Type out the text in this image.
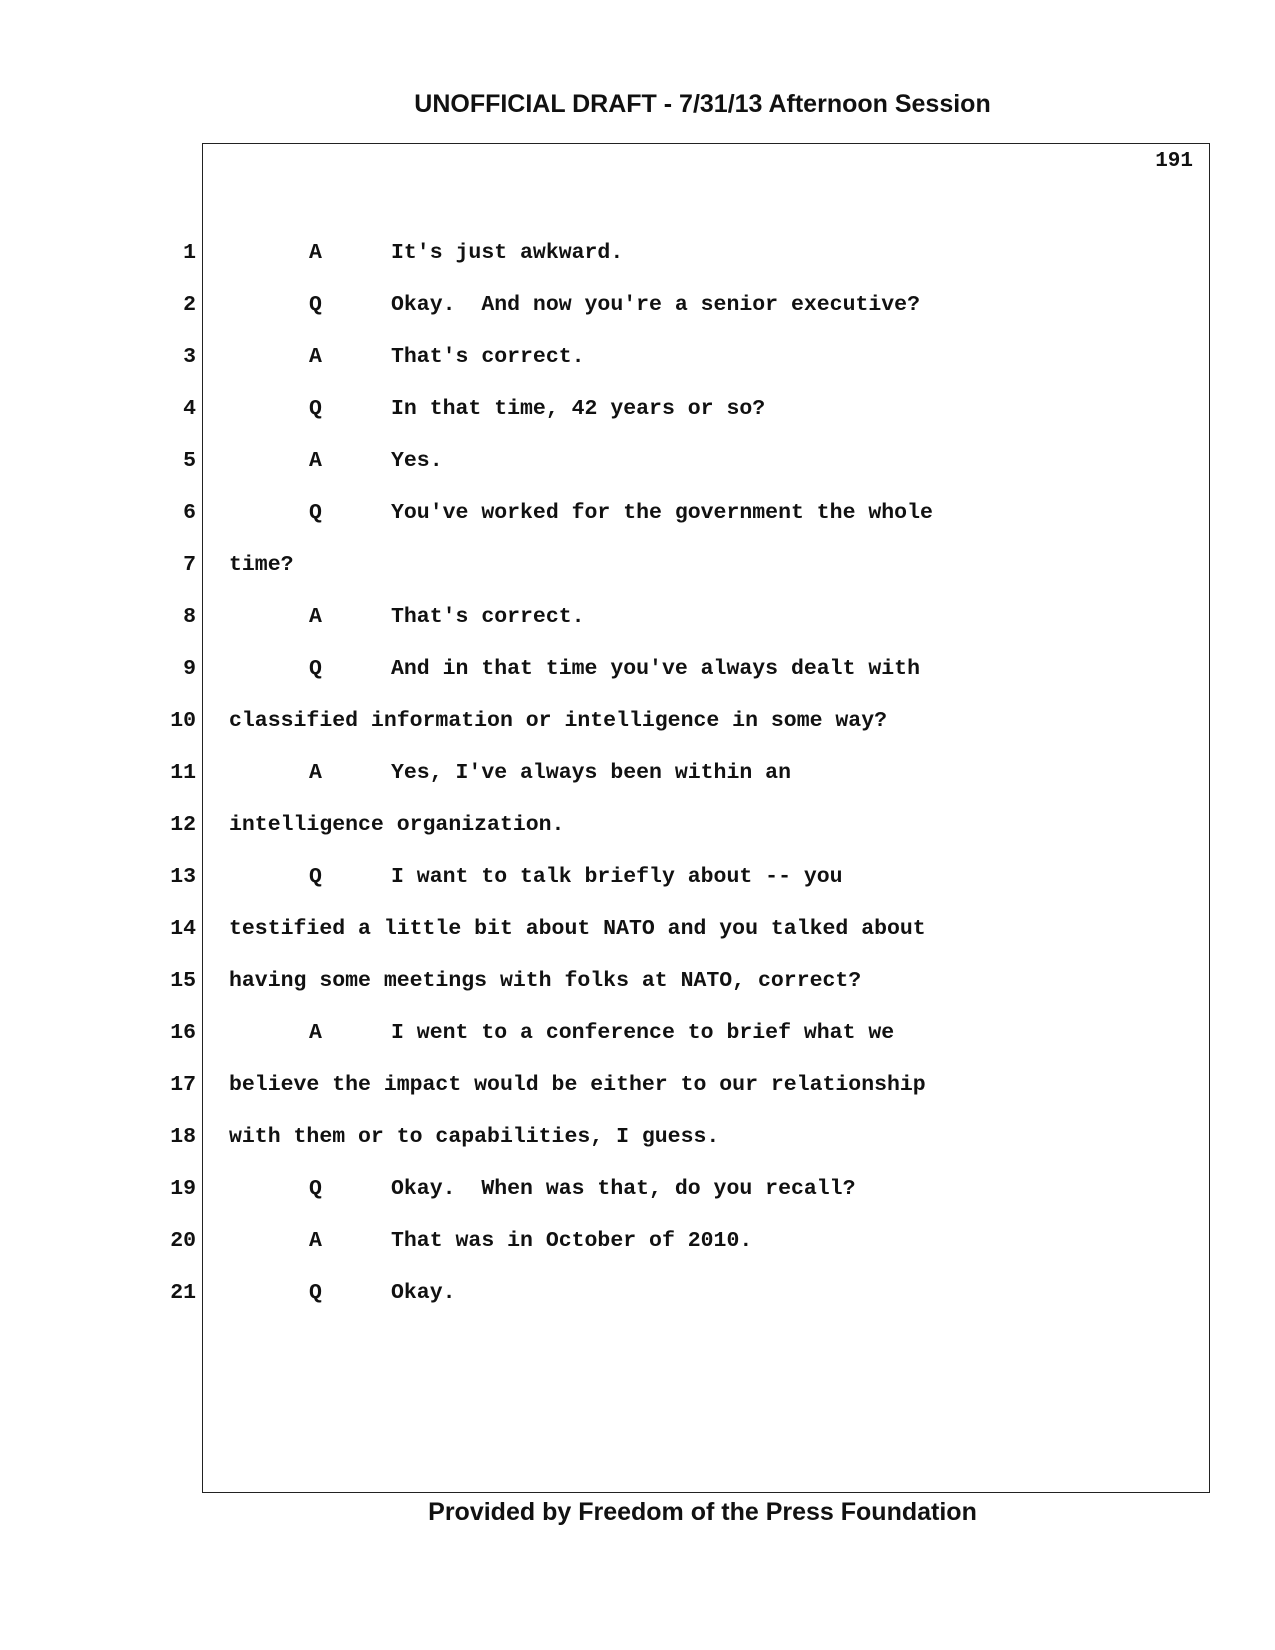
UNOFFICIAL DRAFT - 7/31/13 Afternoon Session
191

1

	A

	It's just awkward.

2

	Q

	Okay.  And now you're a senior executive?

3

	A

	That's correct.

4

	Q

	In that time, 42 years or so?

5

	A

	Yes.

6

	Q

	You've worked for the government the whole

7

time?

8

	A

	That's correct.

9

	Q

	And in that time you've always dealt with

10

classified information or intelligence in some way?

11

	A

	Yes, I've always been within an

12

intelligence organization.

13

	Q

	I want to talk briefly about -- you

14

testified a little bit about NATO and you talked about

15

having some meetings with folks at NATO, correct?

16

	A

	I went to a conference to brief what we

17

believe the impact would be either to our relationship

18

with them or to capabilities, I guess.

19

	Q

	Okay.  When was that, do you recall?

20

	A

	That was in October of 2010.

21

	Q

	Okay.

Provided by Freedom of the Press Foundation
